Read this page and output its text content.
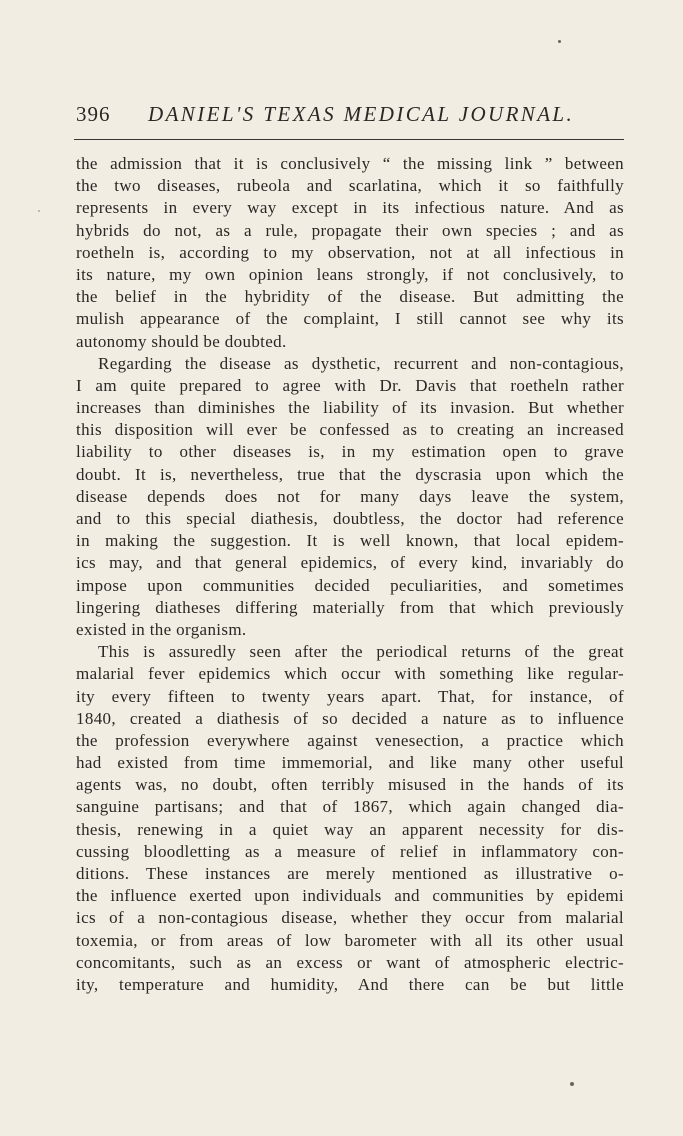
396 DANIEL'S TEXAS MEDICAL JOURNAL.
the admission that it is conclusively “ the missing link ” between
the two diseases, rubeola and scarlatina, which it so faithfully
represents in every way except in its infectious nature. And as
hybrids do not, as a rule, propagate their own species ; and as
roetheln is, according to my observation, not at all infectious in
its nature, my own opinion leans strongly, if not conclusively, to
the belief in the hybridity of the disease. But admitting the
mulish appearance of the complaint, I still cannot see why its
autonomy should be doubted.
Regarding the disease as dysthetic, recurrent and non-contagious,
I am quite prepared to agree with Dr. Davis that roetheln rather
increases than diminishes the liability of its invasion. But whether
this disposition will ever be confessed as to creating an increased
liability to other diseases is, in my estimation open to grave
doubt. It is, nevertheless, true that the dyscrasia upon which the
disease depends does not for many days leave the system,
and to this special diathesis, doubtless, the doctor had reference
in making the suggestion. It is well known, that local epidem-
ics may, and that general epidemics, of every kind, invariably do
impose upon communities decided peculiarities, and sometimes
lingering diatheses differing materially from that which previously
existed in the organism.
This is assuredly seen after the periodical returns of the great
malarial fever epidemics which occur with something like regular-
ity every fifteen to twenty years apart. That, for instance, of
1840, created a diathesis of so decided a nature as to influence
the profession everywhere against venesection, a practice which
had existed from time immemorial, and like many other useful
agents was, no doubt, often terribly misused in the hands of its
sanguine partisans; and that of 1867, which again changed dia-
thesis, renewing in a quiet way an apparent necessity for dis-
cussing bloodletting as a measure of relief in inflammatory con-
ditions. These instances are merely mentioned as illustrative o-
the influence exerted upon individuals and communities by epidemi
ics of a non-contagious disease, whether they occur from malarial
toxemia, or from areas of low barometer with all its other usual
concomitants, such as an excess or want of atmospheric electric-
ity, temperature and humidity, And there can be but little
